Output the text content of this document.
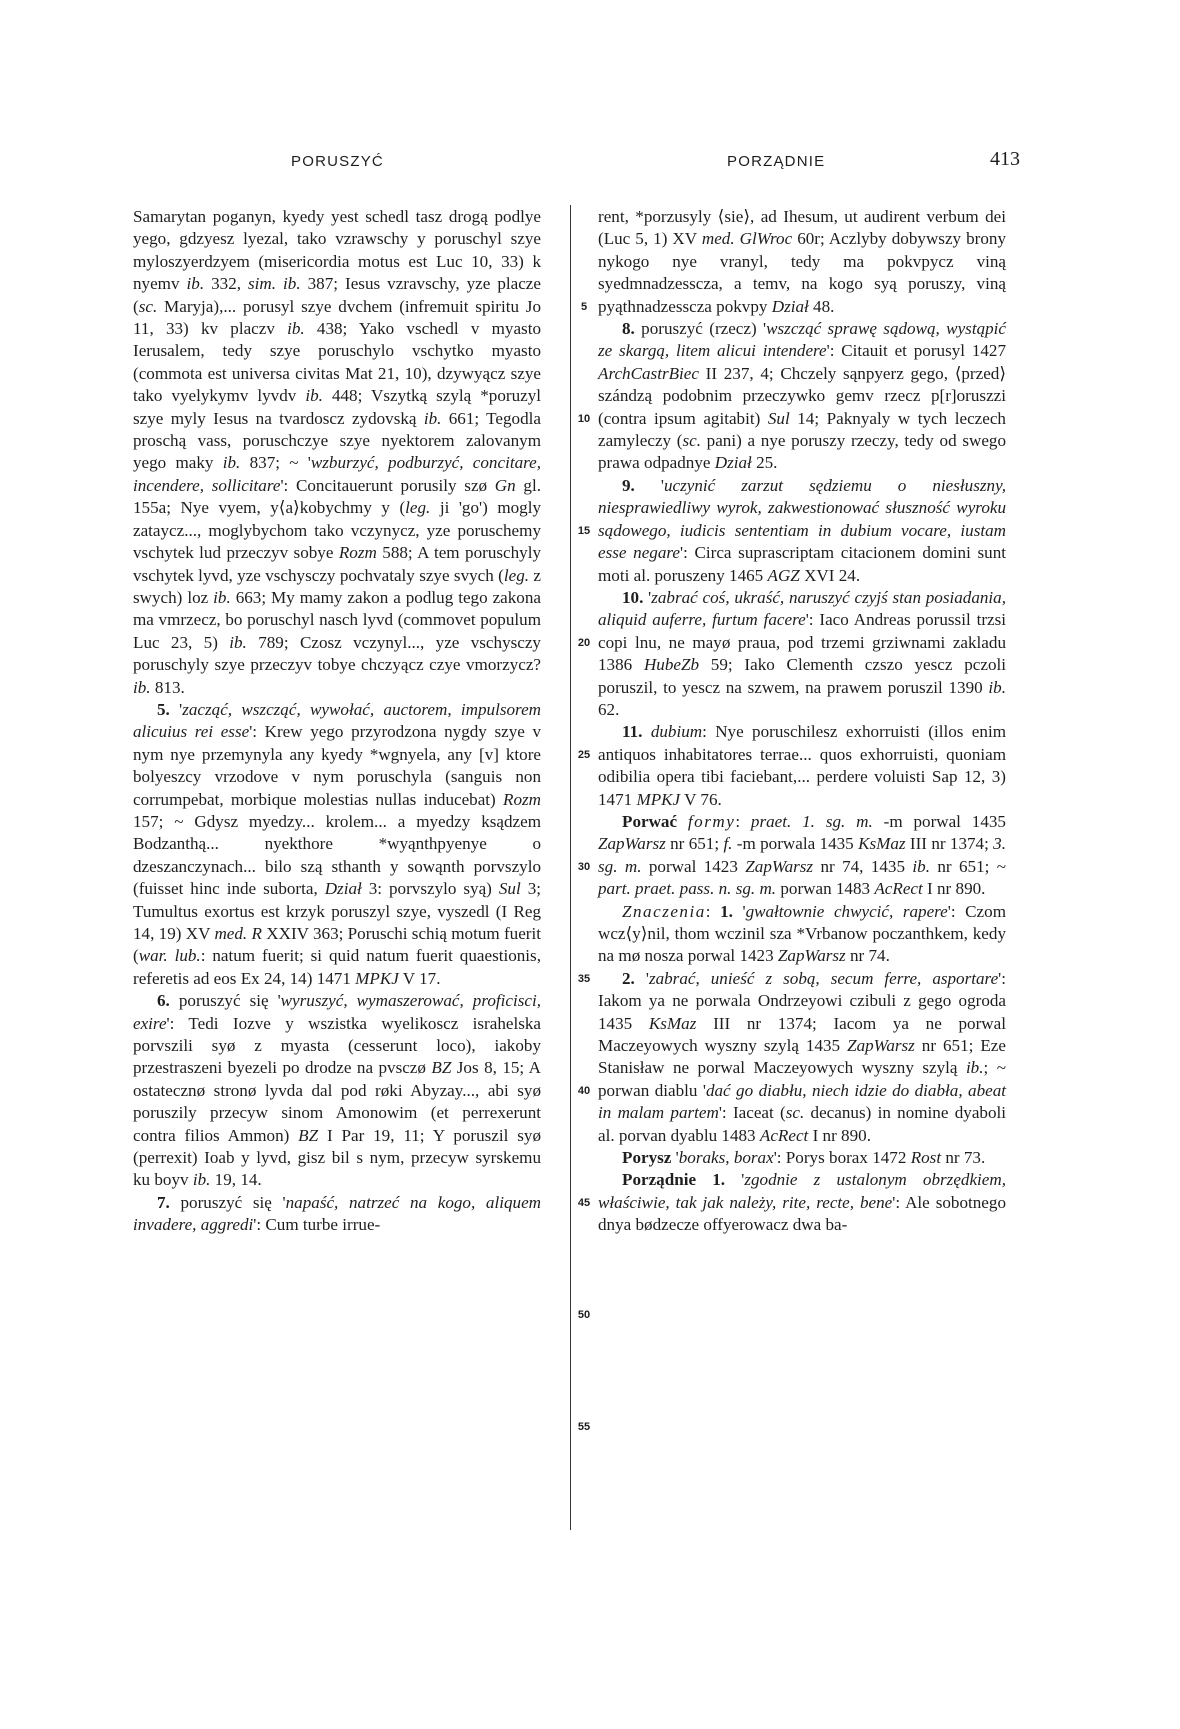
PORUSZYĆ	PORZĄDNIE	413

Samarytan poganyn, kyedy yest schedl tasz drogą podlye yego, gdzyesz lyezal, tako vzrawschy y poruschyl szye myloszyerdzyem (misericordia motus est Luc 10, 33) k nyemv ib. 332, sim. ib. 387; Iesus vzravschy, yze placze (sc. Maryja),... porusyl szye dvchem (infremuit spiritu Jo 11, 33) kv placzv ib. 438; Yako vschedl v myasto Ierusalem, tedy szye poruschylo vschytko myasto (commota est universa civitas Mat 21, 10), dzywyącz szye tako vyelykymv lyvdv ib. 448; Vszytką szylą *poruzyl szye myly Iesus na tvardoscz zydovską ib. 661; Tegodla proschą vass, poruschczye szye nyektorem zalovanym yego maky ib. 837; ~ 'wzburzyć, podburzyć, concitare, incendere, sollicitare': Concitauerunt porusily szø Gn gl. 155a; Nye vyem, y⟨a⟩kobychmy y (leg. ji 'go') mogly zataycz..., moglybychom tako vczynycz, yze poruschemy vschytek lud przeczyv sobye Rozm 588; A tem poruschyly vschytek lyvd, yze vschysczy pochvataly szye svych (leg. z swych) loz ib. 663; My mamy zakon a podlug tego zakona ma vmrzecz, bo poruschyl nasch lyvd (commovet populum Luc 23, 5) ib. 789; Czosz vczynyl..., yze vschysczy poruschyly szye przeczyv tobye chczyącz czye vmorzycz? ib. 813.

5. 'zacząć, wszcząć, wywołać, auctorem, impulsorem alicuius rei esse': Krew yego przyrodzona nygdy szye v nym nye przemynyla any kyedy *wgnyela, any [v] ktore bolyeszcy vrzodove v nym poruschyla (sanguis non corrumpebat, morbique molestias nullas inducebat) Rozm 157; ~ Gdysz myedzy... krolem... a myedzy ksądzem Bodzanthą... nyekthore *wyąnthpyenye o dzeszanczynach... bilo szą sthanth y sowąnth porvszylo (fuisset hinc inde suborta, Dział 3: porvszylo syą) Sul 3; Tumultus exortus est krzyk poruszyl szye, vyszedl (I Reg 14, 19) XV med. R XXIV 363; Poruschi schią motum fuerit (war. lub.: natum fuerit; si quid natum fuerit quaestionis, referetis ad eos Ex 24, 14) 1471 MPKJ V 17.

6. poruszyć się 'wyruszyć, wymaszerować, proficisci, exire': Tedi Iozve y wszistka wyelikoscz israhelska porvszili syø z myasta (cesserunt loco), iakoby przestraszeni byezeli po drodze na pvsczø BZ Jos 8, 15; A ostatecznø stronø lyvda dal pod røki Abyzay..., abi syø poruszily przecyw sinom Amonowim (et perrexerunt contra filios Ammon) BZ I Par 19, 11; Y poruszil syø (perrexit) Ioab y lyvd, gisz bil s nym, przecyw syrskemu ku boyv ib. 19, 14.

7. poruszyć się 'napaść, natrzeć na kogo, aliquem invadere, aggredi': Cum turbe irrue-

5
10
15
20
25
30
35
40
45
50
55

rent, *porzusyly ⟨sie⟩, ad Ihesum, ut audirent verbum dei (Luc 5, 1) XV med. GlWroc 60r; Aczlyby dobywszy brony nykogo nye vranyl, tedy ma pokvpycz viną syedmnadzesscza, a temv, na kogo syą poruszy, viną pyąthnadzesscza pokvpy Dział 48.

8. poruszyć (rzecz) 'wszcząć sprawę sądową, wystąpić ze skargą, litem alicui intendere': Citauit et porusyl 1427 ArchCastrBiec II 237, 4; Chczely sąnpyerz gego, ⟨przed⟩ szándzą podobnim przeczywko gemv rzecz p[r]oruszzi (contra ipsum agitabit) Sul 14; Paknyaly w tych leczech zamyleczy (sc. pani) a nye poruszy rzeczy, tedy od swego prawa odpadnye Dział 25.

9. 'uczynić zarzut sędziemu o niesłuszny, niesprawiedliwy wyrok, zakwestionować słuszność wyroku sądowego, iudicis sententiam in dubium vocare, iustam esse negare': Circa suprascriptam citacionem domini sunt moti al. poruszeny 1465 AGZ XVI 24.

10. 'zabrać coś, ukraść, naruszyć czyjś stan posiadania, aliquid auferre, furtum facere': Iaco Andreas porussil trzsi copi lnu, ne mayø praua, pod trzemi grziwnami zakladu 1386 HubeZb 59; Iako Clementh czszo yescz pczoli poruszil, to yescz na szwem, na prawem poruszil 1390 ib. 62.

11. dubium: Nye poruschilesz exhorruisti (illos enim antiquos inhabitatores terrae... quos exhorruisti, quoniam odibilia opera tibi faciebant,... perdere voluisti Sap 12, 3) 1471 MPKJ V 76.

Porwać formy: praet. 1. sg. m. -m porwal 1435 ZapWarsz nr 651; f. -m porwala 1435 KsMaz III nr 1374; 3. sg. m. porwal 1423 ZapWarsz nr 74, 1435 ib. nr 651; ~ part. praet. pass. n. sg. m. porwan 1483 AcRect I nr 890.

Znaczenia: 1. 'gwałtownie chwycić, rapere': Czom wcz⟨y⟩nil, thom wczinil sza *Vrbanow poczanthkem, kedy na mø nosza porwal 1423 ZapWarsz nr 74.

2. 'zabrać, unieść z sobą, secum ferre, asportare': Iakom ya ne porwala Ondrzeyowi czibuli z gego ogroda 1435 KsMaz III nr 1374; Iacom ya ne porwal Maczeyowych wyszny szylą 1435 ZapWarsz nr 651; Eze Stanisław ne porwal Maczeyowych wyszny szylą ib.; ~ porwan diablu 'dać go diabłu, niech idzie do diabła, abeat in malam partem': Iaceat (sc. decanus) in nomine dyaboli al. porvan dyablu 1483 AcRect I nr 890.

Porysz 'boraks, borax': Porys borax 1472 Rost nr 73.

Porządnie 1. 'zgodnie z ustalonym obrzędkiem, właściwie, tak jak należy, rite, recte, bene': Ale sobotnego dnya bødzecze offyerowacz dwa ba-
